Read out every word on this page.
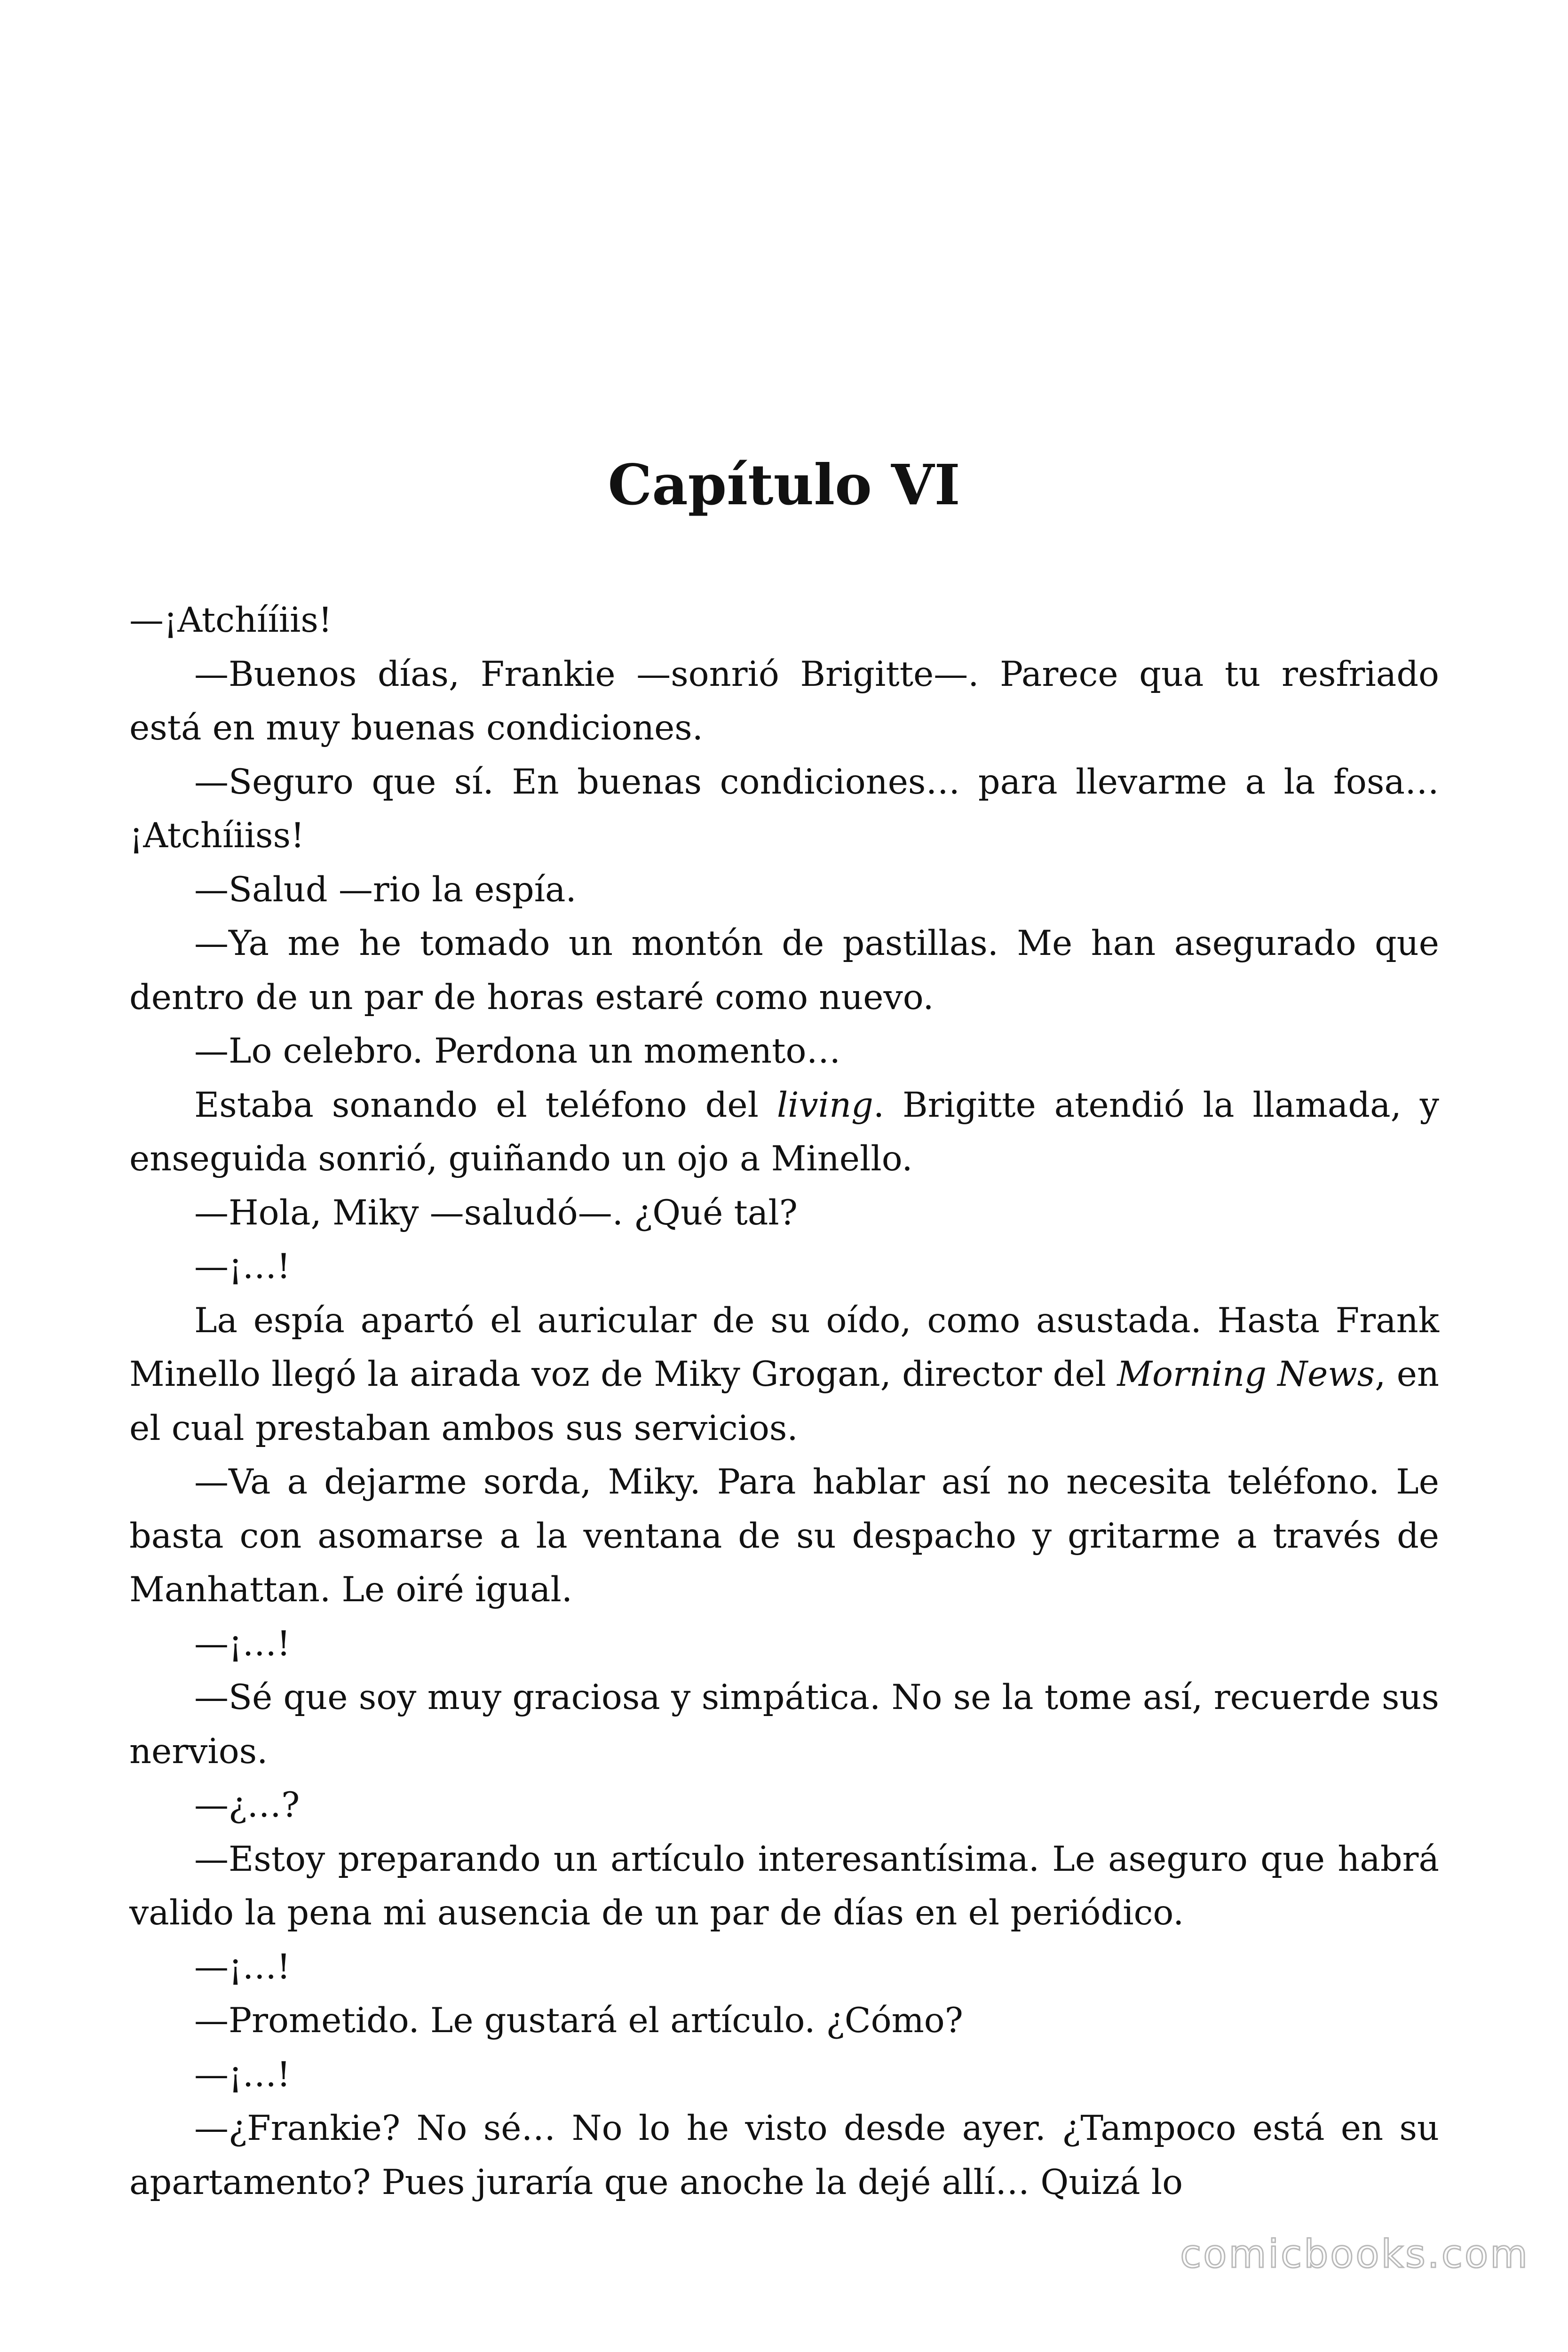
Capítulo VI

—¡Atchííiis!

—Buenos días, Frankie —sonrió Brigitte—. Parece qua tu resfriado está en muy buenas condiciones.

—Seguro que sí. En buenas condiciones… para llevarme a la fosa… ¡Atchíiiss!

—Salud —rio la espía.

—Ya me he tomado un montón de pastillas. Me han asegurado que dentro de un par de horas estaré como nuevo.

—Lo celebro. Perdona un momento…

Estaba sonando el teléfono del living. Brigitte atendió la llamada, y enseguida sonrió, guiñando un ojo a Minello.

—Hola, Miky —saludó—. ¿Qué tal?

—¡…!

La espía apartó el auricular de su oído, como asustada. Hasta Frank Minello llegó la airada voz de Miky Grogan, director del Morning News, en el cual prestaban ambos sus servicios.

—Va a dejarme sorda, Miky. Para hablar así no necesita teléfono. Le basta con asomarse a la ventana de su despacho y gritarme a través de Manhattan. Le oiré igual.

—¡…!

—Sé que soy muy graciosa y simpática. No se la tome así, recuerde sus nervios.

—¿…?

—Estoy preparando un artículo interesantísima. Le aseguro que habrá valido la pena mi ausencia de un par de días en el periódico.

—¡…!

—Prometido. Le gustará el artículo. ¿Cómo?

—¡…!

—¿Frankie? No sé… No lo he visto desde ayer. ¿Tampoco está en su apartamento? Pues juraría que anoche la dejé allí… Quizá lo

comicbooks.com
